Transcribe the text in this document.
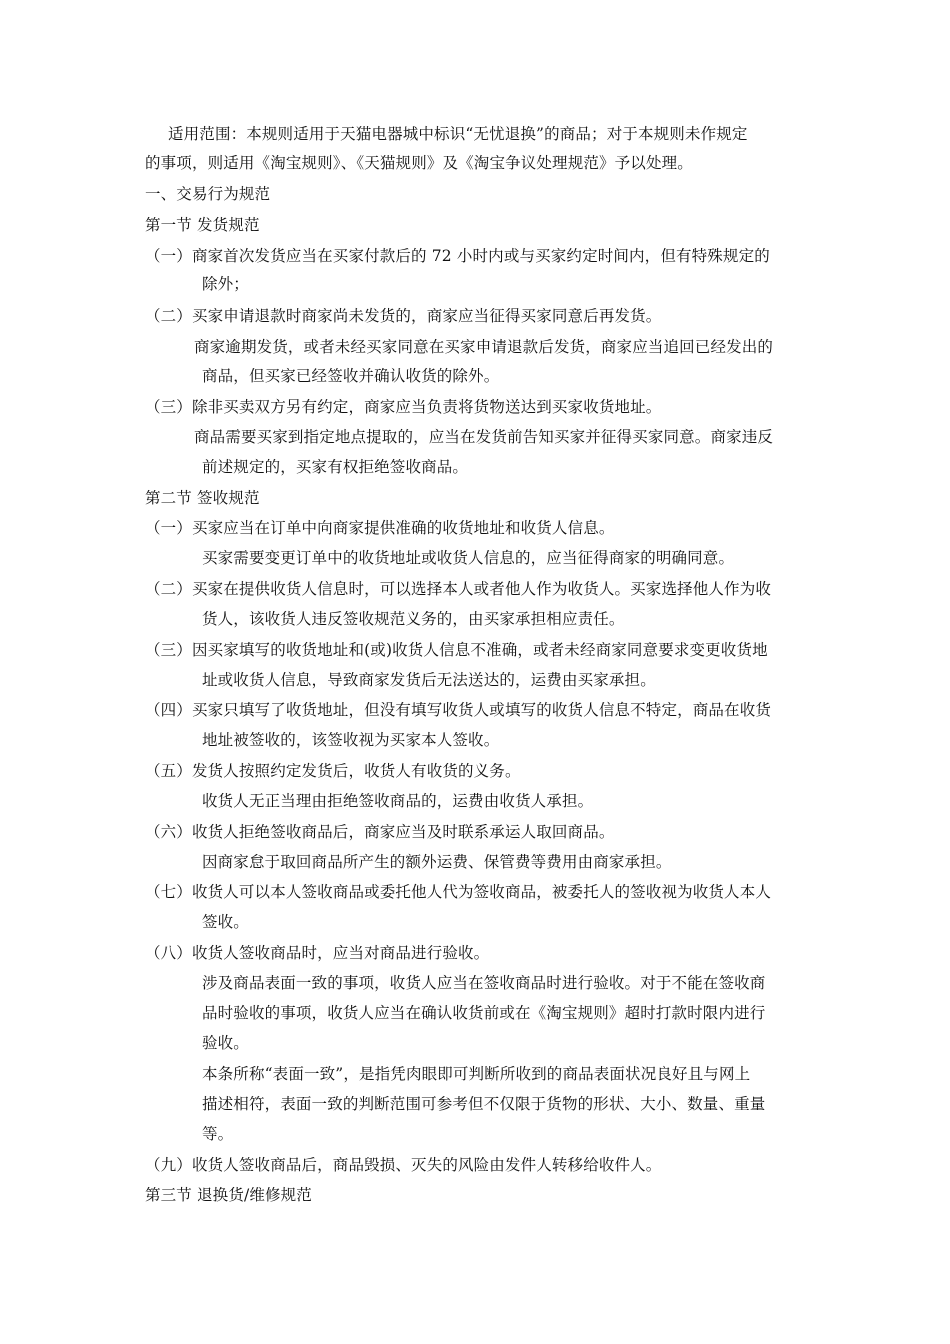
适用范围：本规则适用于天猫电器城中标识“无忧退换”的商品；对于本规则未作规定
的事项，则适用《淘宝规则》、《天猫规则》及《淘宝争议处理规范》予以处理。
一、交易行为规范
第一节 发货规范
（一）商家首次发货应当在买家付款后的 72 小时内或与买家约定时间内，但有特殊规定的
除外；
（二）买家申请退款时商家尚未发货的，商家应当征得买家同意后再发货。
商家逾期发货，或者未经买家同意在买家申请退款后发货，商家应当追回已经发出的
商品，但买家已经签收并确认收货的除外。
（三）除非买卖双方另有约定，商家应当负责将货物送达到买家收货地址。
商品需要买家到指定地点提取的，应当在发货前告知买家并征得买家同意。商家违反
前述规定的，买家有权拒绝签收商品。
第二节 签收规范
（一）买家应当在订单中向商家提供准确的收货地址和收货人信息。
买家需要变更订单中的收货地址或收货人信息的，应当征得商家的明确同意。
（二）买家在提供收货人信息时，可以选择本人或者他人作为收货人。买家选择他人作为收
货人，该收货人违反签收规范义务的，由买家承担相应责任。
（三）因买家填写的收货地址和(或)收货人信息不准确，或者未经商家同意要求变更收货地
址或收货人信息，导致商家发货后无法送达的，运费由买家承担。
（四）买家只填写了收货地址，但没有填写收货人或填写的收货人信息不特定，商品在收货
地址被签收的，该签收视为买家本人签收。
（五）发货人按照约定发货后，收货人有收货的义务。
收货人无正当理由拒绝签收商品的，运费由收货人承担。
（六）收货人拒绝签收商品后，商家应当及时联系承运人取回商品。
因商家怠于取回商品所产生的额外运费、保管费等费用由商家承担。
（七）收货人可以本人签收商品或委托他人代为签收商品，被委托人的签收视为收货人本人
签收。
（八）收货人签收商品时，应当对商品进行验收。
涉及商品表面一致的事项，收货人应当在签收商品时进行验收。对于不能在签收商
品时验收的事项，收货人应当在确认收货前或在《淘宝规则》超时打款时限内进行
验收。
本条所称“表面一致”，是指凭肉眼即可判断所收到的商品表面状况良好且与网上
描述相符，表面一致的判断范围可参考但不仅限于货物的形状、大小、数量、重量
等。
（九）收货人签收商品后，商品毁损、灭失的风险由发件人转移给收件人。
第三节 退换货/维修规范
